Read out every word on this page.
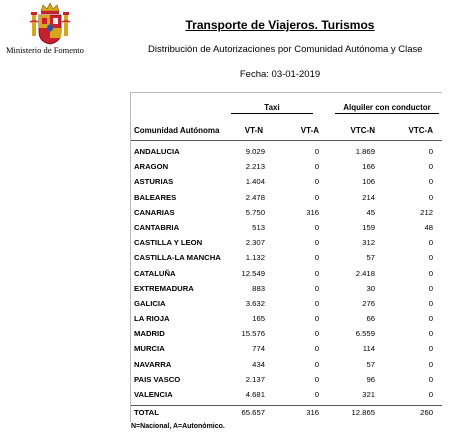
Ministerio de Fomento
Transporte de Viajeros. Turismos
Distribución de Autorizaciones por Comunidad Autónoma y Clase
Fecha: 03-01-2019
Taxi	Alquiler con conductor
Comunidad Autónoma	VT-N	VT-A	VTC-N	VTC-A
ANDALUCIA	9.029	0	1.869	0
ARAGON	2.213	0	166	0
ASTURIAS	1.404	0	106	0
BALEARES	2.478	0	214	0
CANARIAS	5.750	316	45	212
CANTABRIA	513	0	159	48
CASTILLA Y LEON	2.307	0	312	0
CASTILLA-LA MANCHA	1.132	0	57	0
CATALUÑA	12.549	0	2.418	0
EXTREMADURA	883	0	30	0
GALICIA	3.632	0	276	0
LA RIOJA	165	0	66	0
MADRID	15.576	0	6.559	0
MURCIA	774	0	114	0
NAVARRA	434	0	57	0
PAIS VASCO	2.137	0	96	0
VALENCIA	4.681	0	321	0
TOTAL	65.657	316	12.865	260
N=Nacional, A=Autonómico.
